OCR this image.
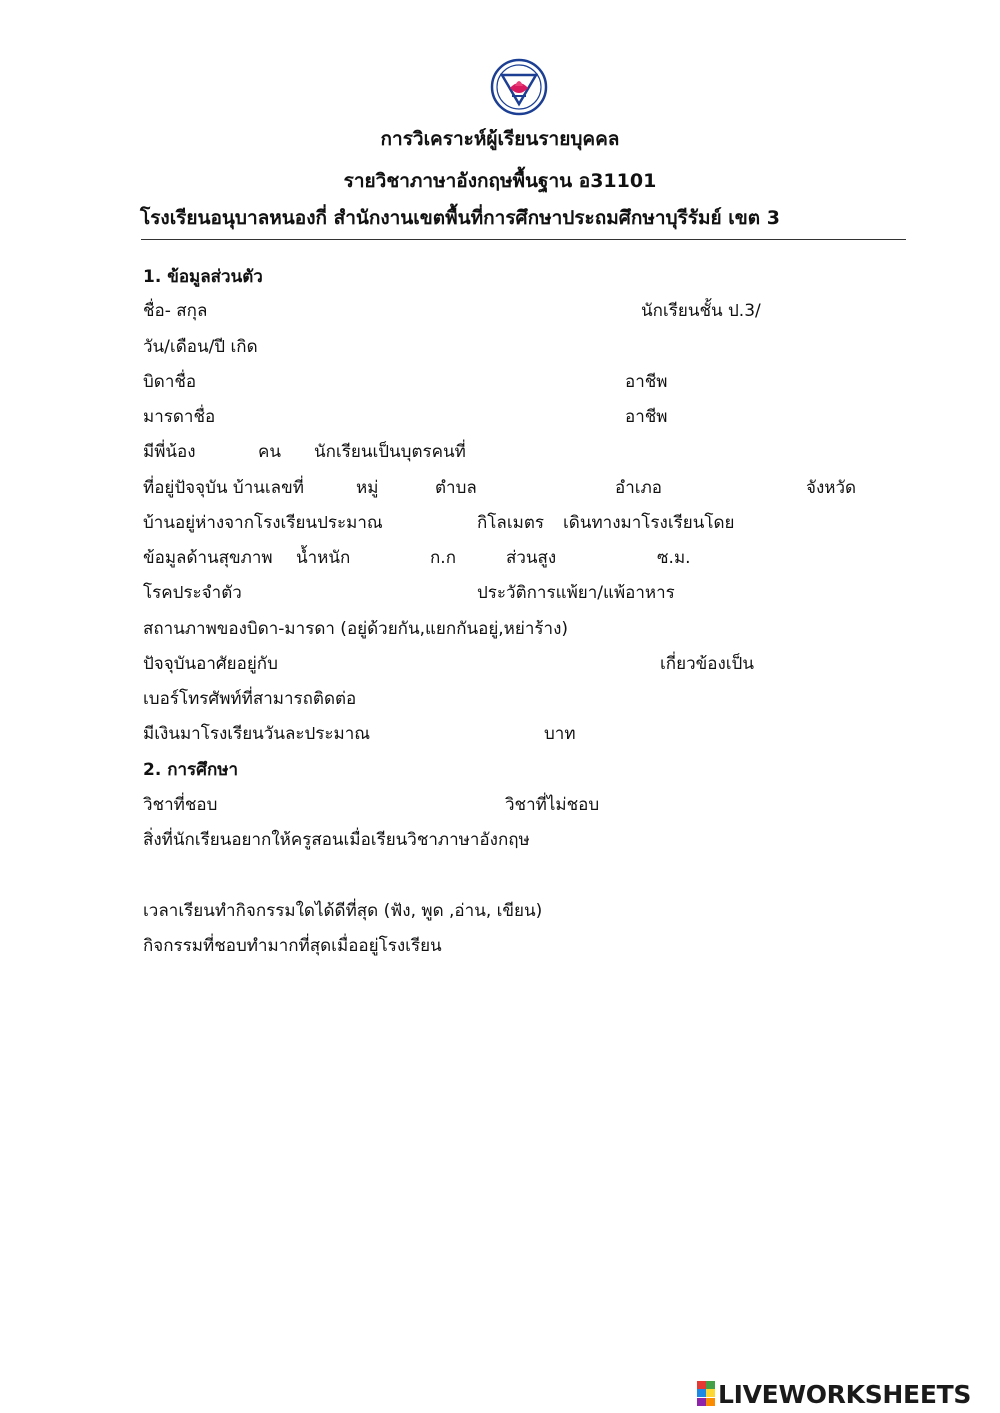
การวิเคราะห์ผู้เรียนรายบุคคล
รายวิชาภาษาอังกฤษพื้นฐาน อ31101
โรงเรียนอนุบาลหนองกี่ สำนักงานเขตพื้นที่การศึกษาประถมศึกษาบุรีรัมย์ เขต 3
1. ข้อมูลส่วนตัว
ชื่อ- สกุล	นักเรียนชั้น ป.3/
วัน/เดือน/ปี เกิด
บิดาชื่อ	อาชีพ
มารดาชื่อ	อาชีพ
มีพี่น้อง	คน นักเรียนเป็นบุตรคนที่
ที่อยู่ปัจจุบัน บ้านเลขที่	หมู่	ตำบล	อำเภอ	จังหวัด
บ้านอยู่ห่างจากโรงเรียนประมาณ	กิโลเมตร เดินทางมาโรงเรียนโดย
ข้อมูลด้านสุขภาพ น้ำหนัก	ก.ก	ส่วนสูง	ซ.ม.
โรคประจำตัว	ประวัติการแพ้ยา/แพ้อาหาร
สถานภาพของบิดา-มารดา (อยู่ด้วยกัน,แยกกันอยู่,หย่าร้าง)
ปัจจุบันอาศัยอยู่กับ	เกี่ยวข้องเป็น
เบอร์โทรศัพท์ที่สามารถติดต่อ
มีเงินมาโรงเรียนวันละประมาณ	บาท
2. การศึกษา
วิชาที่ชอบ	วิชาที่ไม่ชอบ
สิ่งที่นักเรียนอยากให้ครูสอนเมื่อเรียนวิชาภาษาอังกฤษ
เวลาเรียนทำกิจกรรมใดได้ดีที่สุด (ฟัง, พูด ,อ่าน, เขียน)
กิจกรรมที่ชอบทำมากที่สุดเมื่ออยู่โรงเรียน
LIVEWORKSHEETS
